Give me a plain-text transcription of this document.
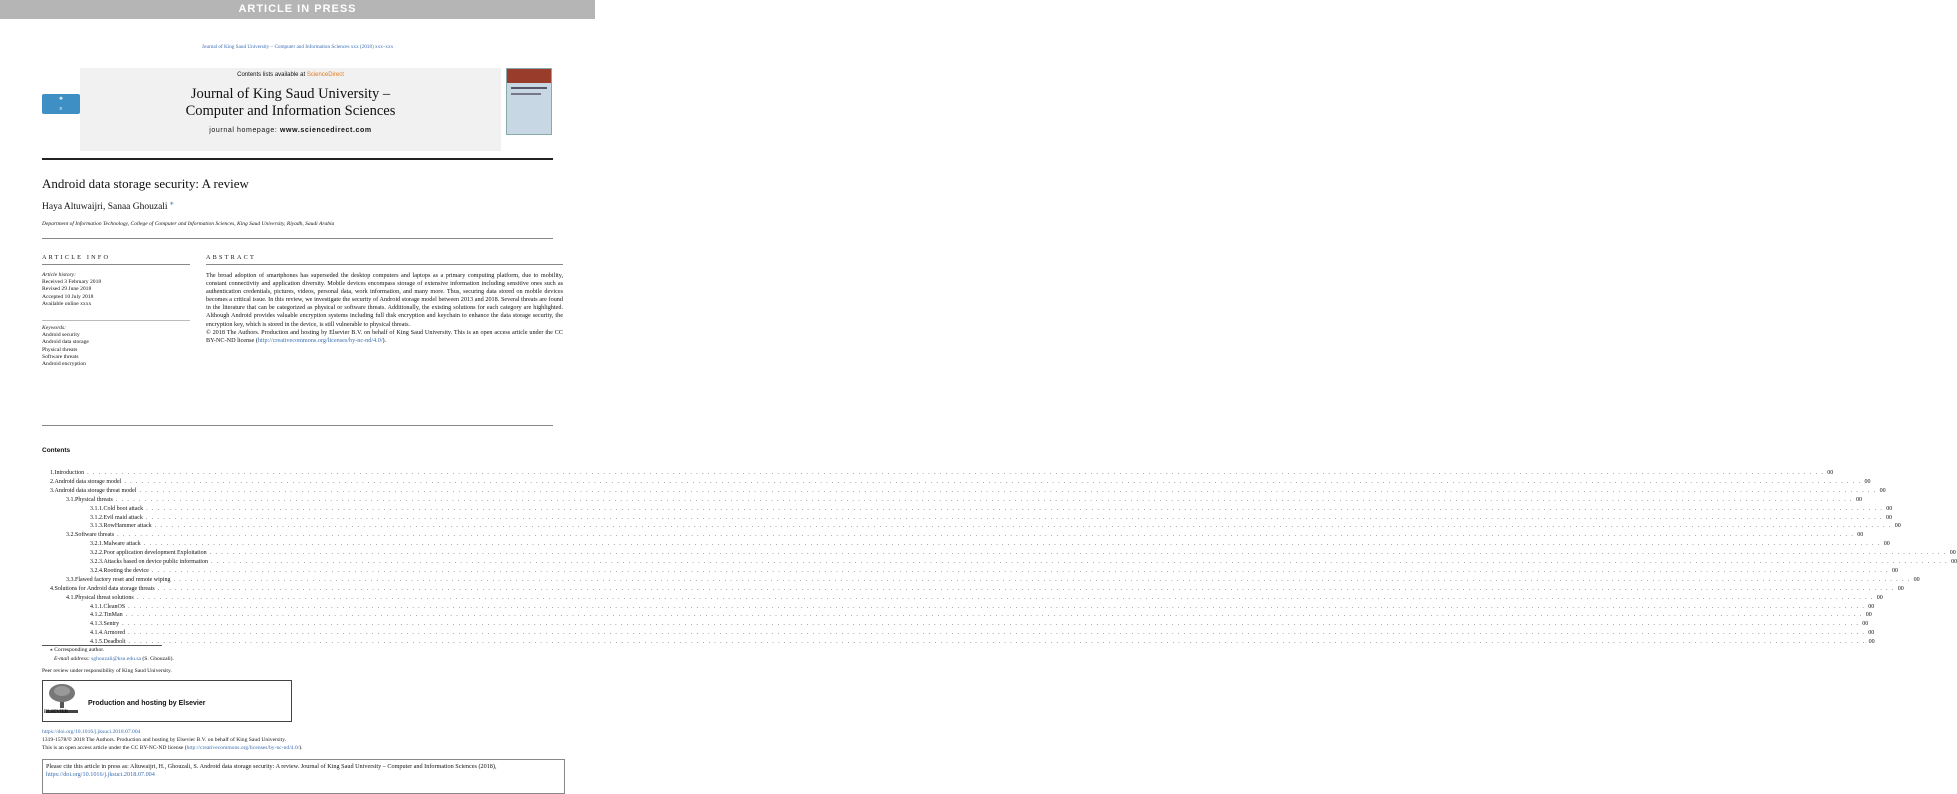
ARTICLE IN PRESS
Journal of King Saud University – Computer and Information Sciences xxx (2018) xxx–xxx
Contents lists available at ScienceDirect
Journal of King Saud University –
Computer and Information Sciences
journal homepage: www.sciencedirect.com
❖
≡
Android data storage security: A review
Haya Altuwaijri, Sanaa Ghouzali ⁎
Department of Information Technology, College of Computer and Information Sciences, King Saud University, Riyadh, Saudi Arabia
ARTICLE INFO	ABSTRACT
Article history:
Received 3 February 2018
Revised 29 June 2018
Accepted 10 July 2018
Available online xxxx
Keywords:
Android security
Android data storage
Physical threats
Software threats
Android encryption
The broad adoption of smartphones has superseded the desktop computers and laptops as a primary computing platform, due to mobility, constant connectivity and application diversity. Mobile devices encompass storage of extensive information including sensitive ones such as authentication credentials, pictures, videos, personal data, work information, and many more. Thus, securing data stored on mobile devices becomes a critical issue. In this review, we investigate the security of Android storage model between 2013 and 2018. Several threats are found in the literature that can be categorized as physical or software threats. Additionally, the existing solutions for each category are highlighted. Although Android provides valuable encryption systems including full disk encryption and keychain to enhance the data storage security, the encryption key, which is stored in the device, is still vulnerable to physical threats.
© 2018 The Authors. Production and hosting by Elsevier B.V. on behalf of King Saud University. This is an open access article under the CC BY-NC-ND license (http://creativecommons.org/licenses/by-nc-nd/4.0/).
Contents
1. Introduction . . . . . . . . . . . . . . . . . . . . . . . . . . . . . . . . . . . . . . . . . . . . . . . . . . . . . . . . . . . . . . . . . . . . . . . . . . . . . . . . . . . . . . . . . . . . . . . . . . . . . . . . . . . . . . . . . . . . . . . . . . . . . . . . . . . . . . . . . . . . . . . . . . . . . . . . . . . . . . . . . . . . . . . . . . . . . . . . . . . . . . . . . . . . . . . . . . . . . . . . . . . . . . . . . . . . . . . . . . . . . . . . . . . . . . . . . . . . . . . . . . . . . . . . . . . . . . . . . . . . . . . . . . . . . . . . . . . . . . . . . . . . . . . . . . . . . . . . . . . . 00
2. Android data storage model . . . . . . . . . . . . . . . . . . . . . . . . . . . . . . . . . . . . . . . . . . . . . . . . . . . . . . . . . . . . . . . . . . . . . . . . . . . . . . . . . . . . . . . . . . . . . . . . . . . . . . . . . . . . . . . . . . . . . . . . . . . . . . . . . . . . . . . . . . . . . . . . . . . . . . . . . . . . . . . . . . . . . . . . . . . . . . . . . . . . . . . . . . . . . . . . . . . . . . . . . . . . . . . . . . . . . . . . . . . . . . . . . . . . . . . . . . . . . . . . . . . . . . . . . . . . . . . . . . . . . . . . . . . . . . . . . . . . . . . . . . . . . . . . . . . . . . . . . . . . 00
3. Android data storage threat model . . . . . . . . . . . . . . . . . . . . . . . . . . . . . . . . . . . . . . . . . . . . . . . . . . . . . . . . . . . . . . . . . . . . . . . . . . . . . . . . . . . . . . . . . . . . . . . . . . . . . . . . . . . . . . . . . . . . . . . . . . . . . . . . . . . . . . . . . . . . . . . . . . . . . . . . . . . . . . . . . . . . . . . . . . . . . . . . . . . . . . . . . . . . . . . . . . . . . . . . . . . . . . . . . . . . . . . . . . . . . . . . . . . . . . . . . . . . . . . . . . . . . . . . . . . . . . . . . . . . . . . . . . . . . . . . . . . . . . . . . . . . . . . . . . . . . . . . . . . . 00
3.1. Physical threats . . . . . . . . . . . . . . . . . . . . . . . . . . . . . . . . . . . . . . . . . . . . . . . . . . . . . . . . . . . . . . . . . . . . . . . . . . . . . . . . . . . . . . . . . . . . . . . . . . . . . . . . . . . . . . . . . . . . . . . . . . . . . . . . . . . . . . . . . . . . . . . . . . . . . . . . . . . . . . . . . . . . . . . . . . . . . . . . . . . . . . . . . . . . . . . . . . . . . . . . . . . . . . . . . . . . . . . . . . . . . . . . . . . . . . . . . . . . . . . . . . . . . . . . . . . . . . . . . . . . . . . . . . . . . . . . . . . . . . . . . . . . . . . . . . . . . . . . . . . . 00
3.1.1. Cold boot attack . . . . . . . . . . . . . . . . . . . . . . . . . . . . . . . . . . . . . . . . . . . . . . . . . . . . . . . . . . . . . . . . . . . . . . . . . . . . . . . . . . . . . . . . . . . . . . . . . . . . . . . . . . . . . . . . . . . . . . . . . . . . . . . . . . . . . . . . . . . . . . . . . . . . . . . . . . . . . . . . . . . . . . . . . . . . . . . . . . . . . . . . . . . . . . . . . . . . . . . . . . . . . . . . . . . . . . . . . . . . . . . . . . . . . . . . . . . . . . . . . . . . . . . . . . . . . . . . . . . . . . . . . . . . . . . . . . . . . . . . . . . . . . . . . . . . . . . . . . . . 00
3.1.2. Evil maid attack . . . . . . . . . . . . . . . . . . . . . . . . . . . . . . . . . . . . . . . . . . . . . . . . . . . . . . . . . . . . . . . . . . . . . . . . . . . . . . . . . . . . . . . . . . . . . . . . . . . . . . . . . . . . . . . . . . . . . . . . . . . . . . . . . . . . . . . . . . . . . . . . . . . . . . . . . . . . . . . . . . . . . . . . . . . . . . . . . . . . . . . . . . . . . . . . . . . . . . . . . . . . . . . . . . . . . . . . . . . . . . . . . . . . . . . . . . . . . . . . . . . . . . . . . . . . . . . . . . . . . . . . . . . . . . . . . . . . . . . . . . . . . . . . . . . . . . . . . . . . 00
3.1.3. RowHammer attack . . . . . . . . . . . . . . . . . . . . . . . . . . . . . . . . . . . . . . . . . . . . . . . . . . . . . . . . . . . . . . . . . . . . . . . . . . . . . . . . . . . . . . . . . . . . . . . . . . . . . . . . . . . . . . . . . . . . . . . . . . . . . . . . . . . . . . . . . . . . . . . . . . . . . . . . . . . . . . . . . . . . . . . . . . . . . . . . . . . . . . . . . . . . . . . . . . . . . . . . . . . . . . . . . . . . . . . . . . . . . . . . . . . . . . . . . . . . . . . . . . . . . . . . . . . . . . . . . . . . . . . . . . . . . . . . . . . . . . . . . . . . . . . . . . . . . . . . . . . . 00
3.2. Software threats . . . . . . . . . . . . . . . . . . . . . . . . . . . . . . . . . . . . . . . . . . . . . . . . . . . . . . . . . . . . . . . . . . . . . . . . . . . . . . . . . . . . . . . . . . . . . . . . . . . . . . . . . . . . . . . . . . . . . . . . . . . . . . . . . . . . . . . . . . . . . . . . . . . . . . . . . . . . . . . . . . . . . . . . . . . . . . . . . . . . . . . . . . . . . . . . . . . . . . . . . . . . . . . . . . . . . . . . . . . . . . . . . . . . . . . . . . . . . . . . . . . . . . . . . . . . . . . . . . . . . . . . . . . . . . . . . . . . . . . . . . . . . . . . . . . . . . . . . . . . 00
3.2.1. Malware attack . . . . . . . . . . . . . . . . . . . . . . . . . . . . . . . . . . . . . . . . . . . . . . . . . . . . . . . . . . . . . . . . . . . . . . . . . . . . . . . . . . . . . . . . . . . . . . . . . . . . . . . . . . . . . . . . . . . . . . . . . . . . . . . . . . . . . . . . . . . . . . . . . . . . . . . . . . . . . . . . . . . . . . . . . . . . . . . . . . . . . . . . . . . . . . . . . . . . . . . . . . . . . . . . . . . . . . . . . . . . . . . . . . . . . . . . . . . . . . . . . . . . . . . . . . . . . . . . . . . . . . . . . . . . . . . . . . . . . . . . . . . . . . . . . . . . . . . . . . . . 00
3.2.2. Poor application development Exploitation . . . . . . . . . . . . . . . . . . . . . . . . . . . . . . . . . . . . . . . . . . . . . . . . . . . . . . . . . . . . . . . . . . . . . . . . . . . . . . . . . . . . . . . . . . . . . . . . . . . . . . . . . . . . . . . . . . . . . . . . . . . . . . . . . . . . . . . . . . . . . . . . . . . . . . . . . . . . . . . . . . . . . . . . . . . . . . . . . . . . . . . . . . . . . . . . . . . . . . . . . . . . . . . . . . . . . . . . . . . . . . . . . . . . . . . . . . . . . . . . . . . . . . . . . . . . . . . . . . . . . . . . . . . . . . . . . . . . . . . . . . . . . . . . . . . . . . . . . . . . 00
3.2.3. Attacks based on device public information . . . . . . . . . . . . . . . . . . . . . . . . . . . . . . . . . . . . . . . . . . . . . . . . . . . . . . . . . . . . . . . . . . . . . . . . . . . . . . . . . . . . . . . . . . . . . . . . . . . . . . . . . . . . . . . . . . . . . . . . . . . . . . . . . . . . . . . . . . . . . . . . . . . . . . . . . . . . . . . . . . . . . . . . . . . . . . . . . . . . . . . . . . . . . . . . . . . . . . . . . . . . . . . . . . . . . . . . . . . . . . . . . . . . . . . . . . . . . . . . . . . . . . . . . . . . . . . . . . . . . . . . . . . . . . . . . . . . . . . . . . . . . . . . . . . . . . . . . . . . 00
3.2.4. Rooting the device . . . . . . . . . . . . . . . . . . . . . . . . . . . . . . . . . . . . . . . . . . . . . . . . . . . . . . . . . . . . . . . . . . . . . . . . . . . . . . . . . . . . . . . . . . . . . . . . . . . . . . . . . . . . . . . . . . . . . . . . . . . . . . . . . . . . . . . . . . . . . . . . . . . . . . . . . . . . . . . . . . . . . . . . . . . . . . . . . . . . . . . . . . . . . . . . . . . . . . . . . . . . . . . . . . . . . . . . . . . . . . . . . . . . . . . . . . . . . . . . . . . . . . . . . . . . . . . . . . . . . . . . . . . . . . . . . . . . . . . . . . . . . . . . . . . . . . . . . . . . 00
3.3. Flawed factory reset and remote wiping . . . . . . . . . . . . . . . . . . . . . . . . . . . . . . . . . . . . . . . . . . . . . . . . . . . . . . . . . . . . . . . . . . . . . . . . . . . . . . . . . . . . . . . . . . . . . . . . . . . . . . . . . . . . . . . . . . . . . . . . . . . . . . . . . . . . . . . . . . . . . . . . . . . . . . . . . . . . . . . . . . . . . . . . . . . . . . . . . . . . . . . . . . . . . . . . . . . . . . . . . . . . . . . . . . . . . . . . . . . . . . . . . . . . . . . . . . . . . . . . . . . . . . . . . . . . . . . . . . . . . . . . . . . . . . . . . . . . . . . . . . . . . . . . . . . . . . . . . . . . 00
4. Solutions for Android data storage threats . . . . . . . . . . . . . . . . . . . . . . . . . . . . . . . . . . . . . . . . . . . . . . . . . . . . . . . . . . . . . . . . . . . . . . . . . . . . . . . . . . . . . . . . . . . . . . . . . . . . . . . . . . . . . . . . . . . . . . . . . . . . . . . . . . . . . . . . . . . . . . . . . . . . . . . . . . . . . . . . . . . . . . . . . . . . . . . . . . . . . . . . . . . . . . . . . . . . . . . . . . . . . . . . . . . . . . . . . . . . . . . . . . . . . . . . . . . . . . . . . . . . . . . . . . . . . . . . . . . . . . . . . . . . . . . . . . . . . . . . . . . . . . . . . . . . . . . . . . . . 00
4.1. Physical threat solutions . . . . . . . . . . . . . . . . . . . . . . . . . . . . . . . . . . . . . . . . . . . . . . . . . . . . . . . . . . . . . . . . . . . . . . . . . . . . . . . . . . . . . . . . . . . . . . . . . . . . . . . . . . . . . . . . . . . . . . . . . . . . . . . . . . . . . . . . . . . . . . . . . . . . . . . . . . . . . . . . . . . . . . . . . . . . . . . . . . . . . . . . . . . . . . . . . . . . . . . . . . . . . . . . . . . . . . . . . . . . . . . . . . . . . . . . . . . . . . . . . . . . . . . . . . . . . . . . . . . . . . . . . . . . . . . . . . . . . . . . . . . . . . . . . . . . . . . . . . . . 00
4.1.1. CleanOS . . . . . . . . . . . . . . . . . . . . . . . . . . . . . . . . . . . . . . . . . . . . . . . . . . . . . . . . . . . . . . . . . . . . . . . . . . . . . . . . . . . . . . . . . . . . . . . . . . . . . . . . . . . . . . . . . . . . . . . . . . . . . . . . . . . . . . . . . . . . . . . . . . . . . . . . . . . . . . . . . . . . . . . . . . . . . . . . . . . . . . . . . . . . . . . . . . . . . . . . . . . . . . . . . . . . . . . . . . . . . . . . . . . . . . . . . . . . . . . . . . . . . . . . . . . . . . . . . . . . . . . . . . . . . . . . . . . . . . . . . . . . . . . . . . . . . . . . . . . . 00
4.1.2. TinMan . . . . . . . . . . . . . . . . . . . . . . . . . . . . . . . . . . . . . . . . . . . . . . . . . . . . . . . . . . . . . . . . . . . . . . . . . . . . . . . . . . . . . . . . . . . . . . . . . . . . . . . . . . . . . . . . . . . . . . . . . . . . . . . . . . . . . . . . . . . . . . . . . . . . . . . . . . . . . . . . . . . . . . . . . . . . . . . . . . . . . . . . . . . . . . . . . . . . . . . . . . . . . . . . . . . . . . . . . . . . . . . . . . . . . . . . . . . . . . . . . . . . . . . . . . . . . . . . . . . . . . . . . . . . . . . . . . . . . . . . . . . . . . . . . . . . . . . . . . . . 00
4.1.3. Sentry . . . . . . . . . . . . . . . . . . . . . . . . . . . . . . . . . . . . . . . . . . . . . . . . . . . . . . . . . . . . . . . . . . . . . . . . . . . . . . . . . . . . . . . . . . . . . . . . . . . . . . . . . . . . . . . . . . . . . . . . . . . . . . . . . . . . . . . . . . . . . . . . . . . . . . . . . . . . . . . . . . . . . . . . . . . . . . . . . . . . . . . . . . . . . . . . . . . . . . . . . . . . . . . . . . . . . . . . . . . . . . . . . . . . . . . . . . . . . . . . . . . . . . . . . . . . . . . . . . . . . . . . . . . . . . . . . . . . . . . . . . . . . . . . . . . . . . . . . . . . 00
4.1.4. Armored . . . . . . . . . . . . . . . . . . . . . . . . . . . . . . . . . . . . . . . . . . . . . . . . . . . . . . . . . . . . . . . . . . . . . . . . . . . . . . . . . . . . . . . . . . . . . . . . . . . . . . . . . . . . . . . . . . . . . . . . . . . . . . . . . . . . . . . . . . . . . . . . . . . . . . . . . . . . . . . . . . . . . . . . . . . . . . . . . . . . . . . . . . . . . . . . . . . . . . . . . . . . . . . . . . . . . . . . . . . . . . . . . . . . . . . . . . . . . . . . . . . . . . . . . . . . . . . . . . . . . . . . . . . . . . . . . . . . . . . . . . . . . . . . . . . . . . . . . . . . 00
4.1.5. Deadbolt . . . . . . . . . . . . . . . . . . . . . . . . . . . . . . . . . . . . . . . . . . . . . . . . . . . . . . . . . . . . . . . . . . . . . . . . . . . . . . . . . . . . . . . . . . . . . . . . . . . . . . . . . . . . . . . . . . . . . . . . . . . . . . . . . . . . . . . . . . . . . . . . . . . . . . . . . . . . . . . . . . . . . . . . . . . . . . . . . . . . . . . . . . . . . . . . . . . . . . . . . . . . . . . . . . . . . . . . . . . . . . . . . . . . . . . . . . . . . . . . . . . . . . . . . . . . . . . . . . . . . . . . . . . . . . . . . . . . . . . . . . . . . . . . . . . . . . . . . . . . 00
⁎ Corresponding author.
E-mail address: sghouzali@ksu.edu.sa (S. Ghouzali).
Peer review under responsibility of King Saud University.
ELSEVIER
Production and hosting by Elsevier
https://doi.org/10.1016/j.jksuci.2018.07.004
1319-1578/© 2018 The Authors. Production and hosting by Elsevier B.V. on behalf of King Saud University.
This is an open access article under the CC BY-NC-ND license (http://creativecommons.org/licenses/by-nc-nd/4.0/).
Please cite this article in press as: Altuwaijri, H., Ghouzali, S. Android data storage security: A review. Journal of King Saud University – Computer and Information Sciences (2018), https://doi.org/10.1016/j.jksuci.2018.07.004
